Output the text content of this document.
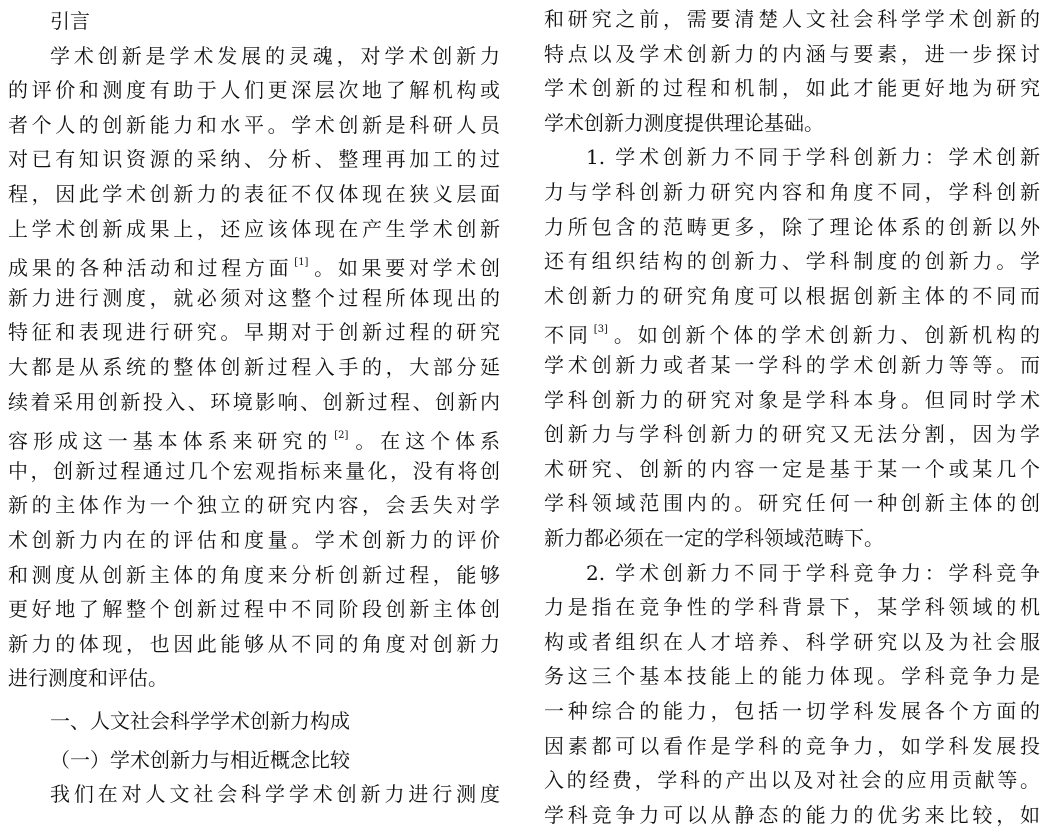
引言
学术创新是学术发展的灵魂，对学术创新力
的评价和测度有助于人们更深层次地了解机构或
者个人的创新能力和水平。学术创新是科研人员
对已有知识资源的采纳、分析、整理再加工的过
程，因此学术创新力的表征不仅体现在狭义层面
上学术创新成果上，还应该体现在产生学术创新
成果的各种活动和过程方面 [1] 。如果要对学术创
新力进行测度，就必须对这整个过程所体现出的
特征和表现进行研究。早期对于创新过程的研究
大都是从系统的整体创新过程入手的，大部分延
续着采用创新投入、环境影响、创新过程、创新内
容形成这一基本体系来研究的 [2] 。在这个体系
中，创新过程通过几个宏观指标来量化，没有将创
新的主体作为一个独立的研究内容，会丢失对学
术创新力内在的评估和度量。学术创新力的评价
和测度从创新主体的角度来分析创新过程，能够
更好地了解整个创新过程中不同阶段创新主体创
新力的体现，也因此能够从不同的角度对创新力
进行测度和评估。
一、人文社会科学学术创新力构成
（一）学术创新力与相近概念比较
我们在对人文社会科学学术创新力进行测度
和研究之前，需要清楚人文社会科学学术创新的
特点以及学术创新力的内涵与要素，进一步探讨
学术创新的过程和机制，如此才能更好地为研究
学术创新力测度提供理论基础。
1. 学术创新力不同于学科创新力：学术创新
力与学科创新力研究内容和角度不同，学科创新
力所包含的范畴更多，除了理论体系的创新以外
还有组织结构的创新力、学科制度的创新力。学
术创新力的研究角度可以根据创新主体的不同而
不同 [3] 。如创新个体的学术创新力、创新机构的
学术创新力或者某一学科的学术创新力等等。而
学科创新力的研究对象是学科本身。但同时学术
创新力与学科创新力的研究又无法分割，因为学
术研究、创新的内容一定是基于某一个或某几个
学科领域范围内的。研究任何一种创新主体的创
新力都必须在一定的学科领域范畴下。
2. 学术创新力不同于学科竞争力：学科竞争
力是指在竞争性的学科背景下，某学科领域的机
构或者组织在人才培养、科学研究以及为社会服
务这三个基本技能上的能力体现。学科竞争力是
一种综合的能力，包括一切学科发展各个方面的
因素都可以看作是学科的竞争力，如学科发展投
入的经费，学科的产出以及对社会的应用贡献等。
学科竞争力可以从静态的能力的优劣来比较，如
